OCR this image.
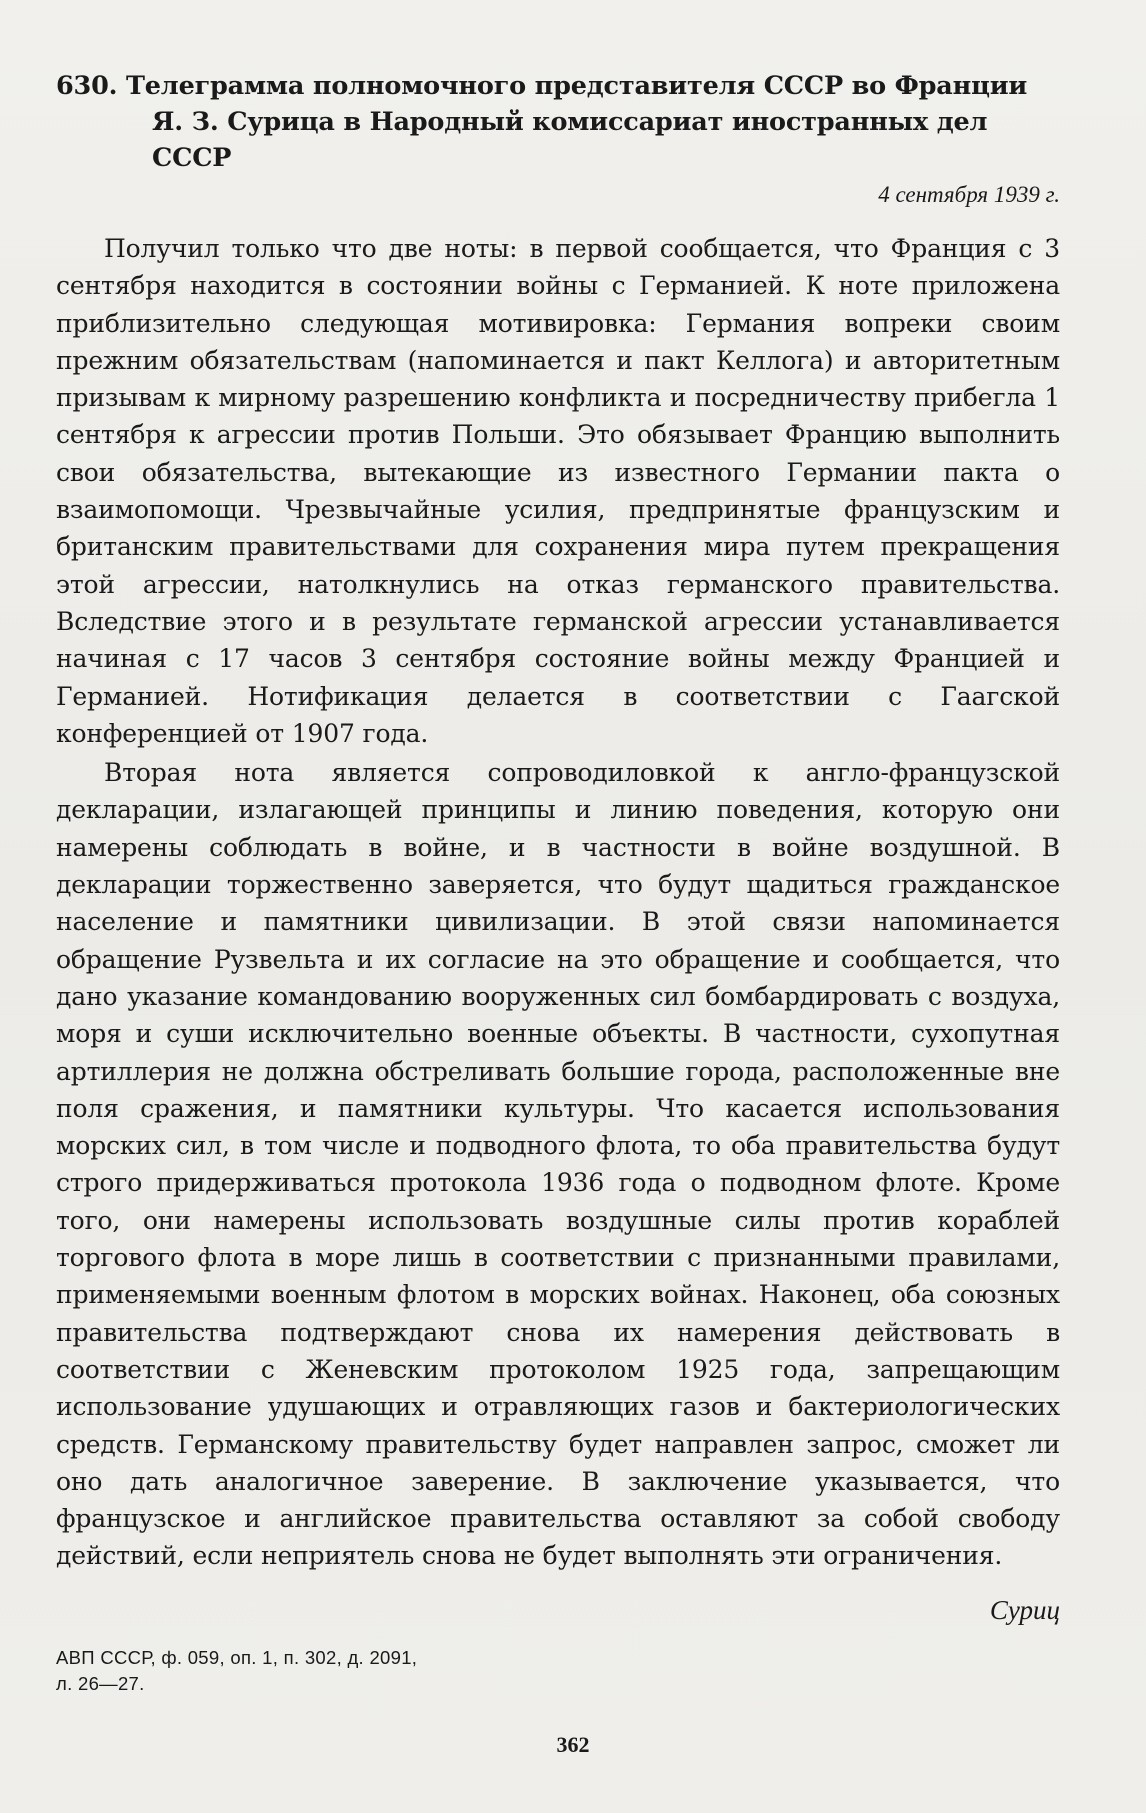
630. Телеграмма полномочного представителя СССР во Франции
Я. З. Сурица в Народный комиссариат иностранных дел СССР
4 сентября 1939 г.

Получил только что две ноты: в первой сообщается, что Франция с 3 сентября находится в состоянии войны с Германией. К ноте приложена приблизительно следующая мотивировка: Германия вопреки своим прежним обязательствам (напоминается и пакт Келлога) и авторитетным призывам к мирному разрешению конфликта и посредничеству прибегла 1 сентября к агрессии против Польши. Это обязывает Францию выполнить свои обязательства, вытекающие из известного Германии пакта о взаимопомощи. Чрезвычайные усилия, предпринятые французским и британским правительствами для сохранения мира путем прекращения этой агрессии, натолкнулись на отказ германского правительства. Вследствие этого и в результате германской агрессии устанавливается начиная с 17 часов 3 сентября состояние войны между Францией и Германией. Нотификация делается в соответствии с Гаагской конференцией от 1907 года.

Вторая нота является сопроводиловкой к англо-французской декларации, излагающей принципы и линию поведения, которую они намерены соблюдать в войне, и в частности в войне воздушной. В декларации торжественно заверяется, что будут щадиться гражданское население и памятники цивилизации. В этой связи напоминается обращение Рузвельта и их согласие на это обращение и сообщается, что дано указание командованию вооруженных сил бомбардировать с воздуха, моря и суши исключительно военные объекты. В частности, сухопутная артиллерия не должна обстреливать большие города, расположенные вне поля сражения, и памятники культуры. Что касается использования морских сил, в том числе и подводного флота, то оба правительства будут строго придерживаться протокола 1936 года о подводном флоте. Кроме того, они намерены использовать воздушные силы против кораблей торгового флота в море лишь в соответствии с признанными правилами, применяемыми военным флотом в морских войнах. Наконец, оба союзных правительства подтверждают снова их намерения действовать в соответствии с Женевским протоколом 1925 года, запрещающим использование удушающих и отравляющих газов и бактериологических средств. Германскому правительству будет направлен запрос, сможет ли оно дать аналогичное заверение. В заключение указывается, что французское и английское правительства оставляют за собой свободу действий, если неприятель снова не будет выполнять эти ограничения.

Суриц

АВП СССР, ф. 059, оп. 1, п. 302, д. 2091,
л. 26—27.

362
